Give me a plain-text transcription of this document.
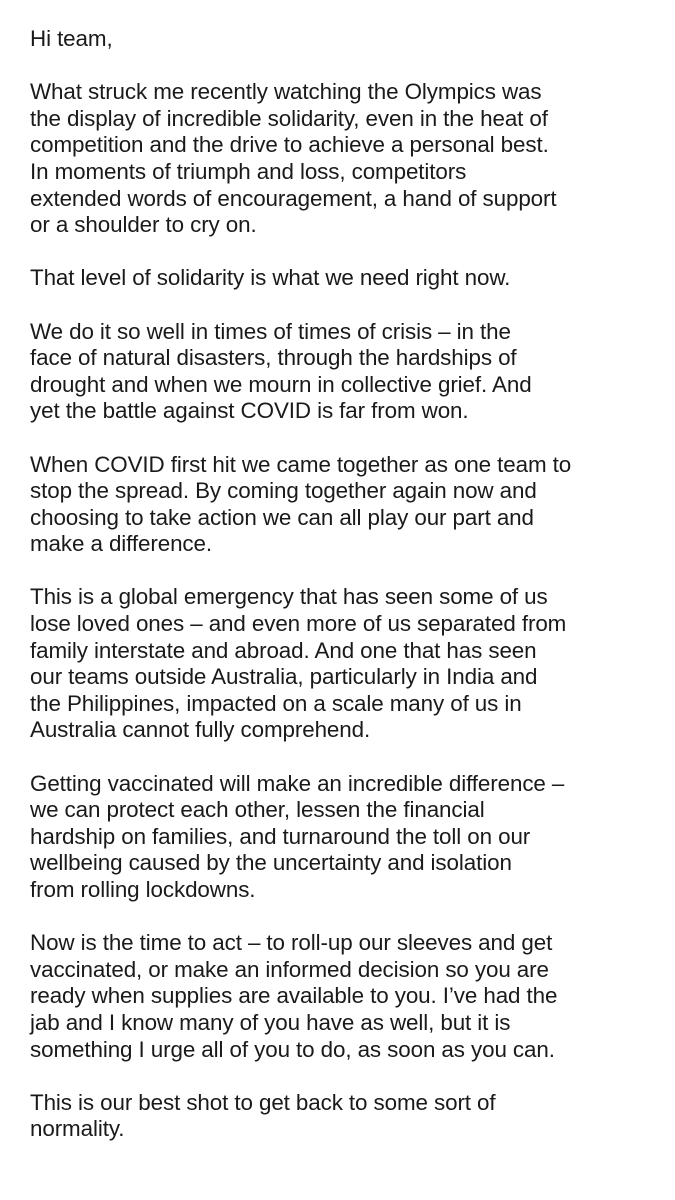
Hi team,

What struck me recently watching the Olympics was
the display of incredible solidarity, even in the heat of
competition and the drive to achieve a personal best.
In moments of triumph and loss, competitors
extended words of encouragement, a hand of support
or a shoulder to cry on.

That level of solidarity is what we need right now.

We do it so well in times of times of crisis – in the
face of natural disasters, through the hardships of
drought and when we mourn in collective grief. And
yet the battle against COVID is far from won.

When COVID first hit we came together as one team to
stop the spread. By coming together again now and
choosing to take action we can all play our part and
make a difference.

This is a global emergency that has seen some of us
lose loved ones – and even more of us separated from
family interstate and abroad. And one that has seen
our teams outside Australia, particularly in India and
the Philippines, impacted on a scale many of us in
Australia cannot fully comprehend.

Getting vaccinated will make an incredible difference –
we can protect each other, lessen the financial
hardship on families, and turnaround the toll on our
wellbeing caused by the uncertainty and isolation
from rolling lockdowns.

Now is the time to act – to roll-up our sleeves and get
vaccinated, or make an informed decision so you are
ready when supplies are available to you. I’ve had the
jab and I know many of you have as well, but it is
something I urge all of you to do, as soon as you can.

This is our best shot to get back to some sort of
normality.
